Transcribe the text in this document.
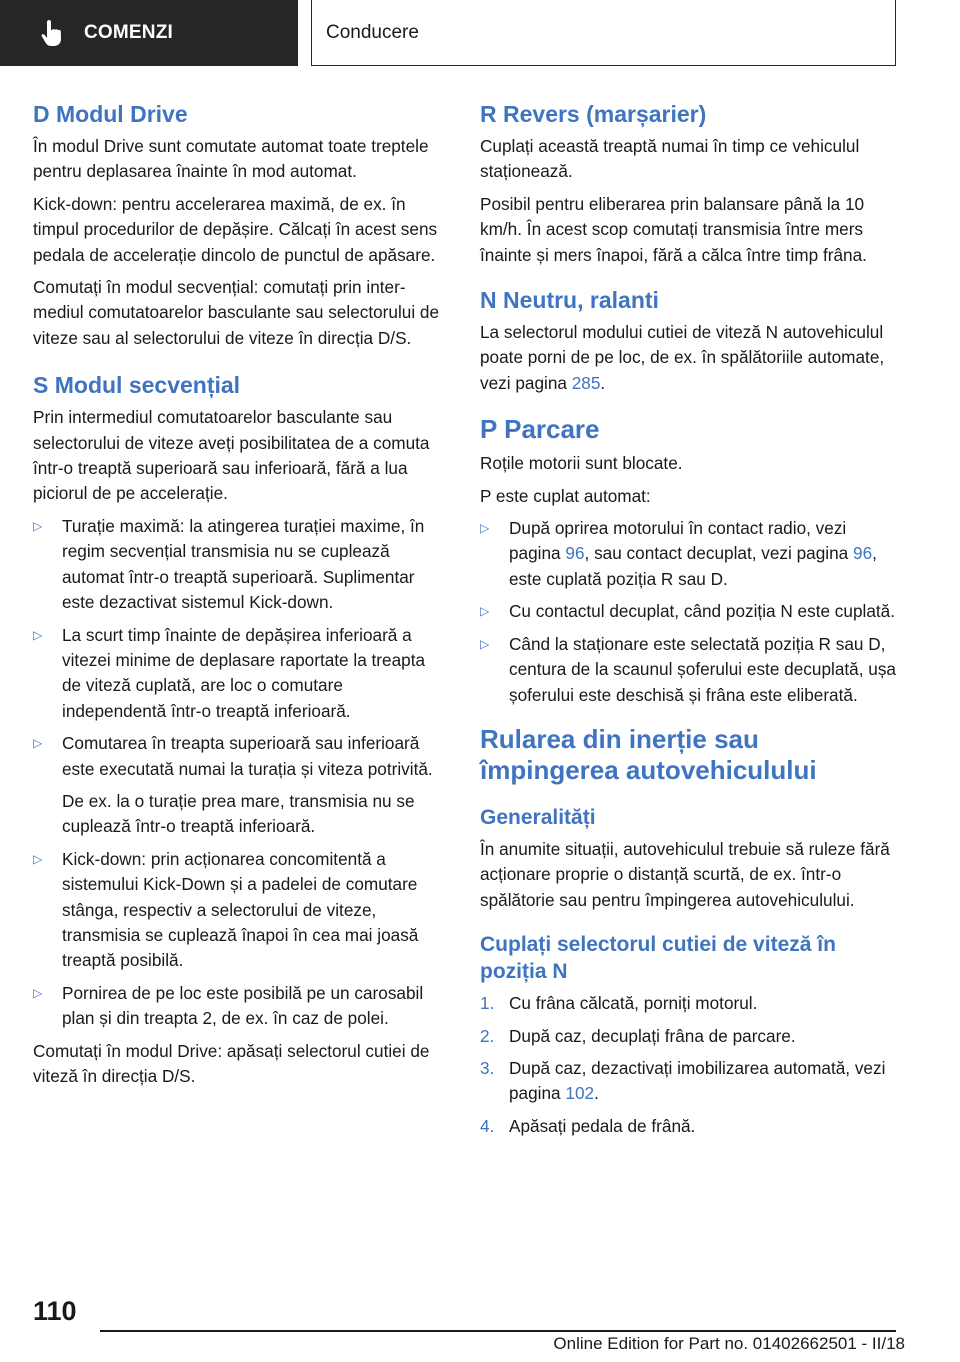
COMENZI	Conducere
D Modul Drive

În modul Drive sunt comutate automat toate treptele pentru deplasarea înainte în mod automat.

Kick-down: pentru accelerarea maximă, de ex. în timpul procedurilor de depășire. Călcați în acest sens pedala de accelerație dincolo de punctul de apăsare.

Comutați în modul secvențial: comutați prin intermediul comutatoarelor basculante sau selectorului de viteze sau al selectorului de viteze în direcția D/S.

S Modul secvențial

Prin intermediul comutatoarelor basculante sau selectorului de viteze aveți posibilitatea de a comuta într-o treaptă superioară sau inferioară, fără a lua piciorul de pe accelerație.

▷ Turație maximă: la atingerea turației maxime, în regim secvențial transmisia nu se cuplează automat într-o treaptă superioară. Suplimentar este dezactivat sistemul Kick-down.
▷ La scurt timp înainte de depășirea inferioară a vitezei minime de deplasare raportate la treapta de viteză cuplată, are loc o comutare independentă într-o treaptă inferioară.
▷ Comutarea în treapta superioară sau inferioară este executată numai la turația și viteza potrivită.

De ex. la o turație prea mare, transmisia nu se cuplează într-o treaptă inferioară.

▷ Kick-down: prin acționarea concomitentă a sistemului Kick-Down și a padelei de comutare stânga, respectiv a selectorului de viteze, transmisia se cuplează înapoi în cea mai joasă treaptă posibilă.
▷ Pornirea de pe loc este posibilă pe un carosabil plan și din treapta 2, de ex. în caz de polei.

Comutați în modul Drive: apăsați selectorul cutiei de viteză în direcția D/S.

R Revers (marșarier)

Cuplați această treaptă numai în timp ce vehiculul staționează.

Posibil pentru eliberarea prin balansare până la 10 km/h. În acest scop comutați transmisia între mers înainte și mers înapoi, fără a călca între timp frâna.

N Neutru, ralanti

La selectorul modului cutiei de viteză N autovehiculul poate porni de pe loc, de ex. în spălătoriile automate, vezi pagina 285.

P Parcare

Roțile motorii sunt blocate.

P este cuplat automat:

▷ După oprirea motorului în contact radio, vezi pagina 96, sau contact decuplat, vezi pagina 96, este cuplată poziția R sau D.
▷ Cu contactul decuplat, când poziția N este cuplată.
▷ Când la staționare este selectată poziția R sau D, centura de la scaunul șoferului este decuplată, ușa șoferului este deschisă și frâna este eliberată.
Rularea din inerție sau împingerea autovehiculului
Generalități

În anumite situații, autovehiculul trebuie să ruleze fără acționare proprie o distanță scurtă, de ex. într-o spălătorie sau pentru împingerea autovehiculului.

Cuplați selectorul cutiei de viteză în poziția N
1. Cu frâna călcată, porniți motorul.
2. După caz, decuplați frâna de parcare.
3. După caz, dezactivați imobilizarea automată, vezi pagina 102.
4. Apăsați pedala de frână.
110
Online Edition for Part no. 01402662501 - II/18
